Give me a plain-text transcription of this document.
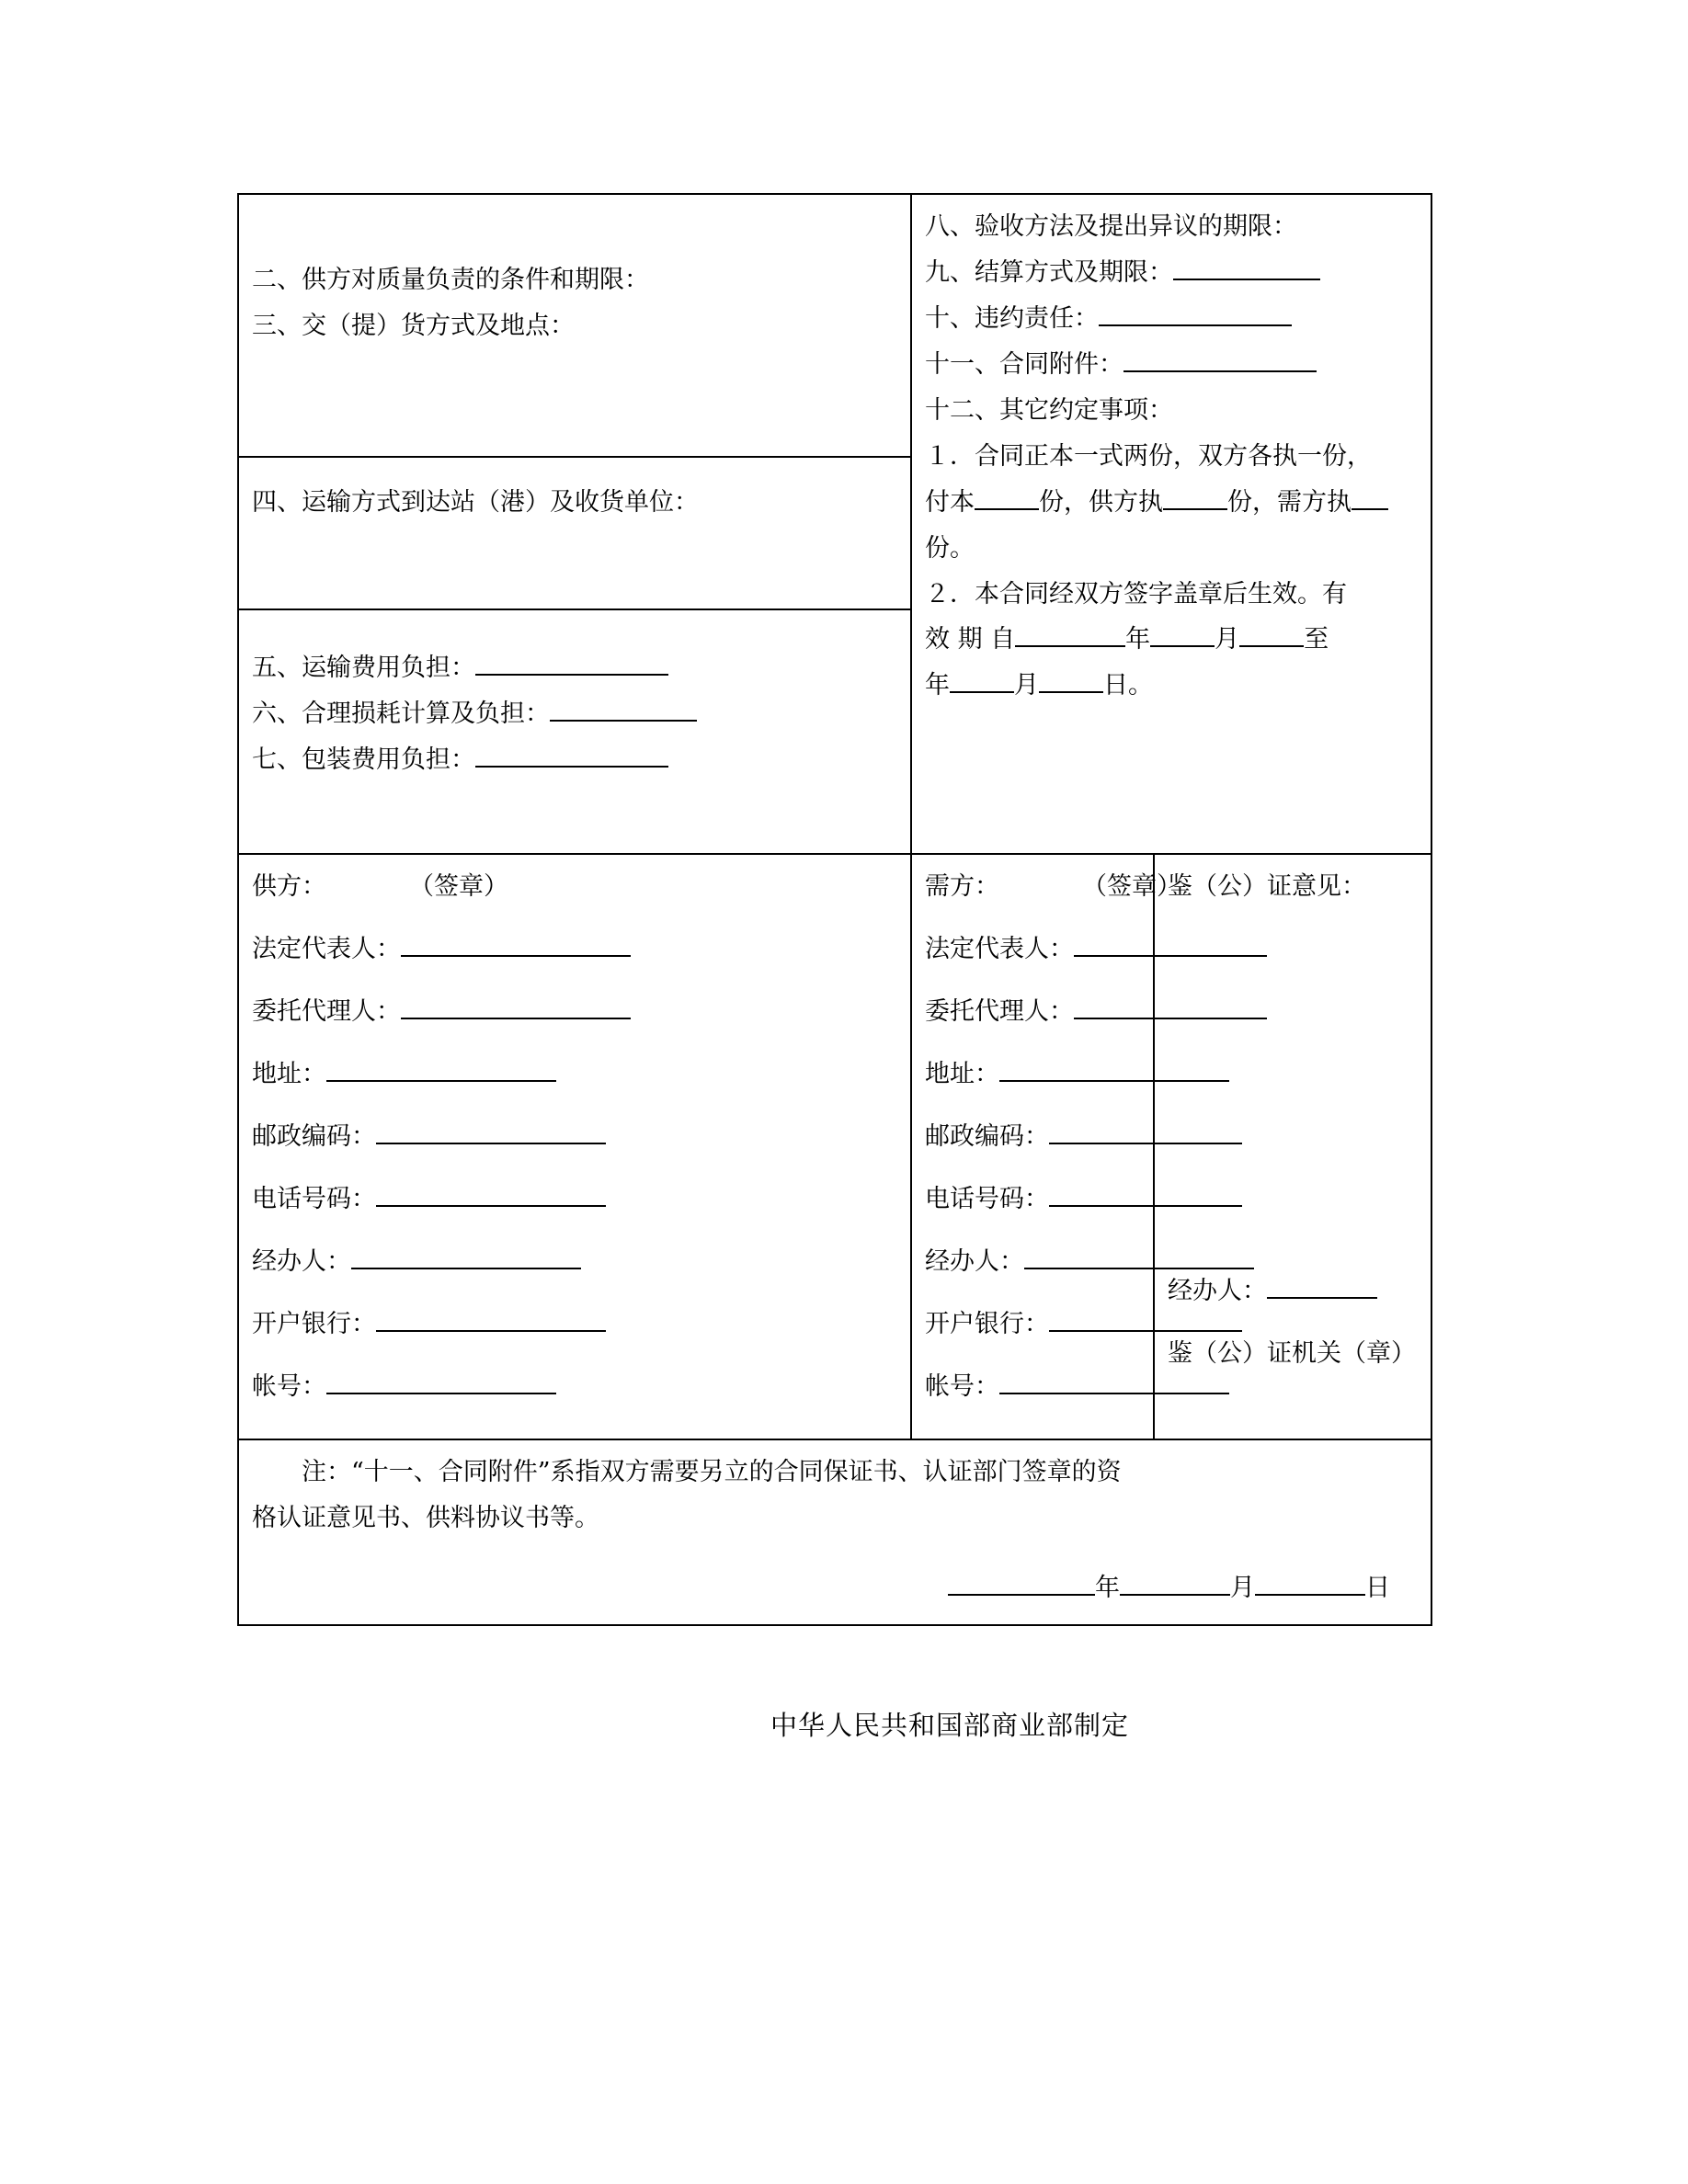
二、供方对质量负责的条件和期限：
三、交（提）货方式及地点：

八、验收方法及提出异议的期限：
九、结算方式及期限：
十、违约责任：
十一、合同附件：
十二、其它约定事项：
１．合同正本一式两份，双方各执一份，
付本	份，供方执	份，需方执
份。
２．本合同经双方签字盖章后生效。有
效 期 自	年	月	至
年	月	日。

四、运输方式到达站（港）及收货单位：		

五、运输费用负担：
六、合理损耗计算及负担：
七、包装费用负担：		

供方：	（签章）
法定代表人：
委托代理人：
地址：
邮政编码：
电话号码：
经办人：
开户银行：
帐号：

需方：	（签章）
法定代表人：
委托代理人：
地址：
邮政编码：
电话号码：
经办人：
开户银行：
帐号：

鉴（公）证意见：
经办人：
鉴（公）证机关（章）

注：“十一、合同附件”系指双方需要另立的合同保证书、认证部门签章的资
格认证意见书、供料协议书等。
年 月 日		
中华人民共和国部商业部制定
